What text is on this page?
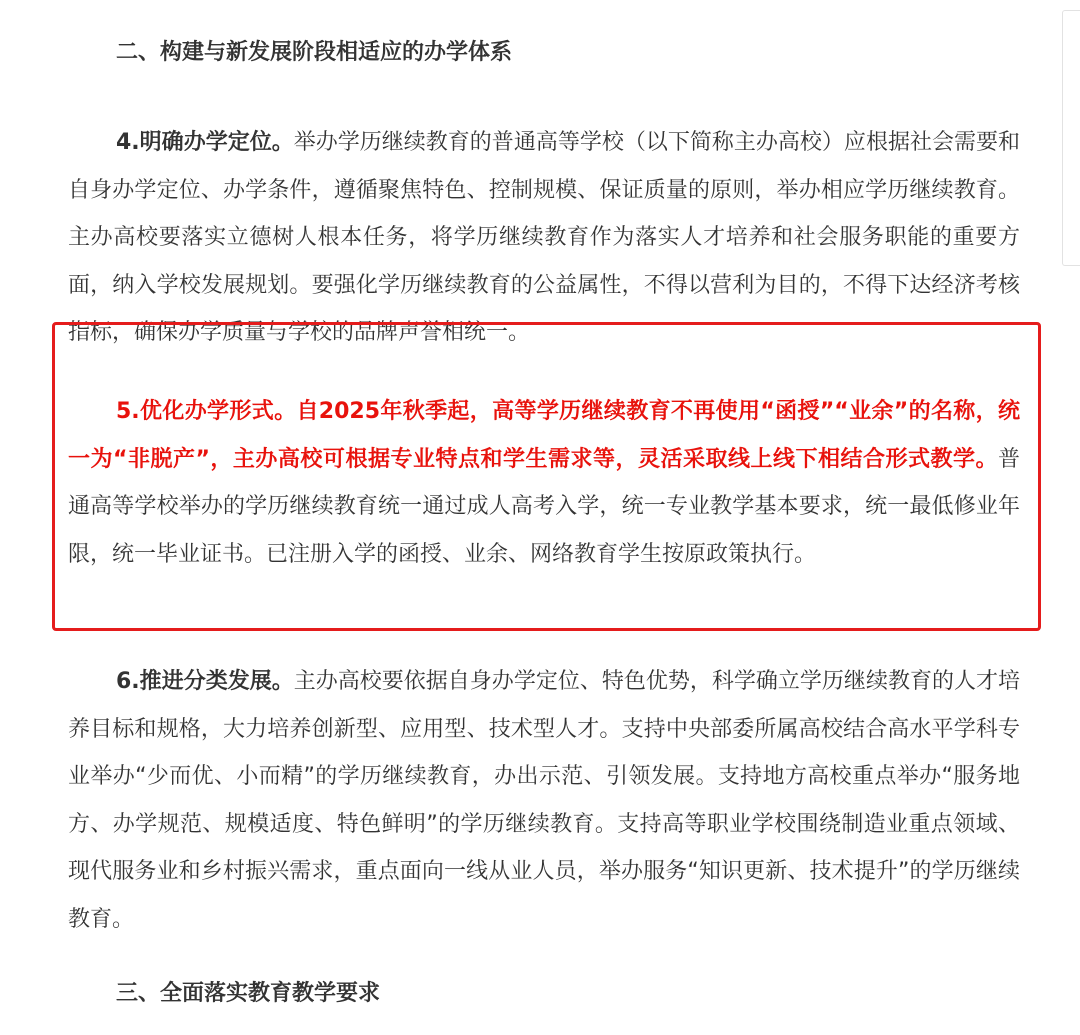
二、构建与新发展阶段相适应的办学体系

4.明确办学定位。举办学历继续教育的普通高等学校（以下简称主办高校）应根据社会需要和自身办学定位、办学条件，遵循聚焦特色、控制规模、保证质量的原则，举办相应学历继续教育。主办高校要落实立德树人根本任务，将学历继续教育作为落实人才培养和社会服务职能的重要方面，纳入学校发展规划。要强化学历继续教育的公益属性，不得以营利为目的，不得下达经济考核指标，确保办学质量与学校的品牌声誉相统一。

5.优化办学形式。自2025年秋季起，高等学历继续教育不再使用“函授”“业余”的名称，统一为“非脱产”，主办高校可根据专业特点和学生需求等，灵活采取线上线下相结合形式教学。普通高等学校举办的学历继续教育统一通过成人高考入学，统一专业教学基本要求，统一最低修业年限，统一毕业证书。已注册入学的函授、业余、网络教育学生按原政策执行。

6.推进分类发展。主办高校要依据自身办学定位、特色优势，科学确立学历继续教育的人才培养目标和规格，大力培养创新型、应用型、技术型人才。支持中央部委所属高校结合高水平学科专业举办“少而优、小而精”的学历继续教育，办出示范、引领发展。支持地方高校重点举办“服务地方、办学规范、规模适度、特色鲜明”的学历继续教育。支持高等职业学校围绕制造业重点领域、现代服务业和乡村振兴需求，重点面向一线从业人员，举办服务“知识更新、技术提升”的学历继续教育。

三、全面落实教育教学要求
